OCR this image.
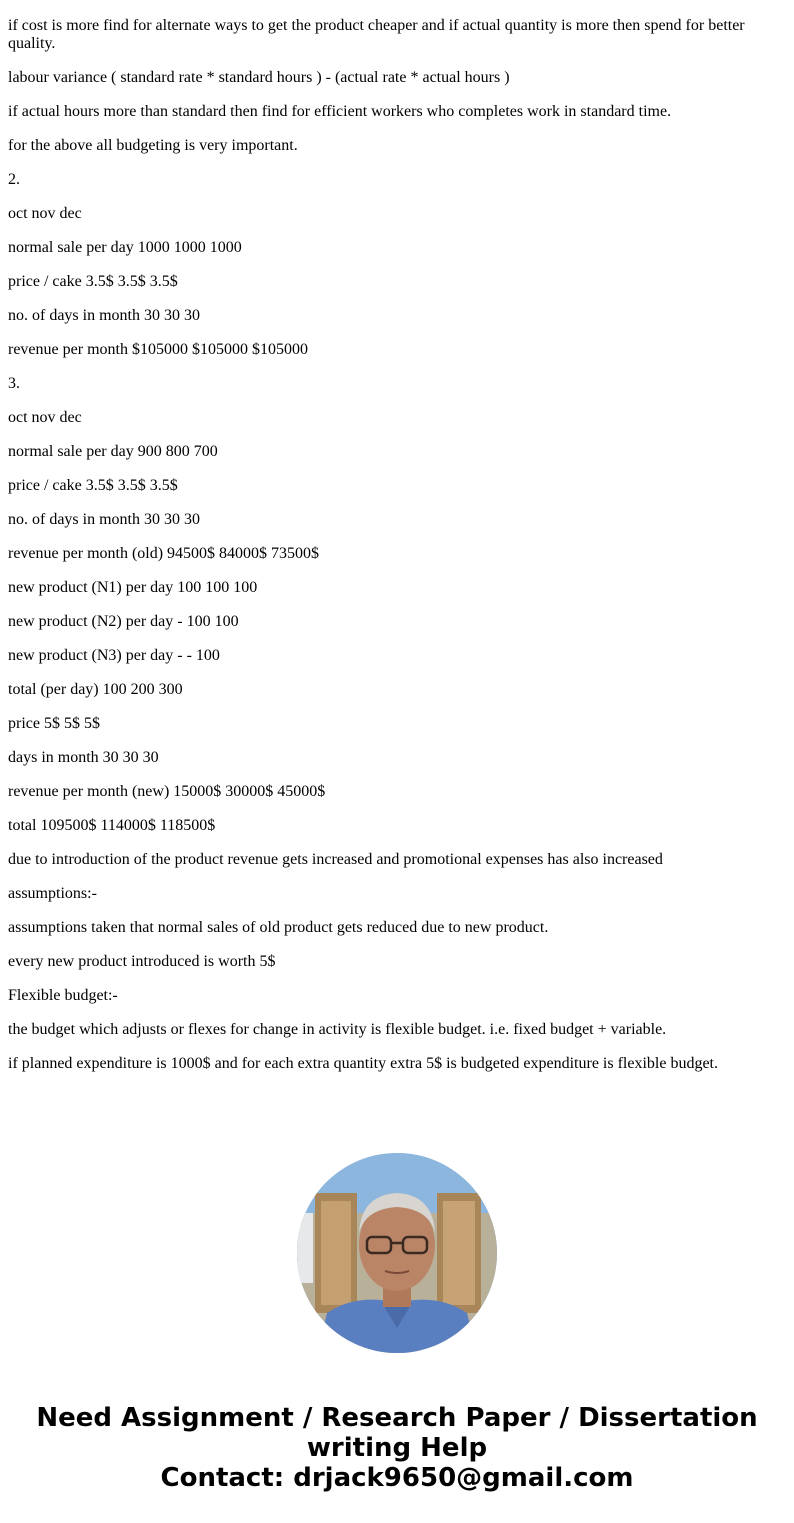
if cost is more find for alternate ways to get the product cheaper and if actual quantity is more then spend for better quality.

labour variance ( standard rate * standard hours ) - (actual rate * actual hours )

if actual hours more than standard then find for efficient workers who completes work in standard time.

for the above all budgeting is very important.

2.

oct nov dec

normal sale per day 1000 1000 1000

price / cake 3.5$ 3.5$ 3.5$

no. of days in month 30 30 30

revenue per month $105000 $105000 $105000

3.

oct nov dec

normal sale per day 900 800 700

price / cake 3.5$ 3.5$ 3.5$

no. of days in month 30 30 30

revenue per month (old) 94500$ 84000$ 73500$

new product (N1) per day 100 100 100

new product (N2) per day - 100 100

new product (N3) per day - - 100

total (per day) 100 200 300

price 5$ 5$ 5$

days in month 30 30 30

revenue per month (new) 15000$ 30000$ 45000$

total 109500$ 114000$ 118500$

due to introduction of the product revenue gets increased and promotional expenses has also increased

assumptions:-

assumptions taken that normal sales of old product gets reduced due to new product.

every new product introduced is worth 5$

Flexible budget:-

the budget which adjusts or flexes for change in activity is flexible budget. i.e. fixed budget + variable.

if planned expenditure is 1000$ and for each extra quantity extra 5$ is budgeted expenditure is flexible budget.

Need Assignment / Research Paper / Dissertation writing Help
Contact: drjack9650@gmail.com
